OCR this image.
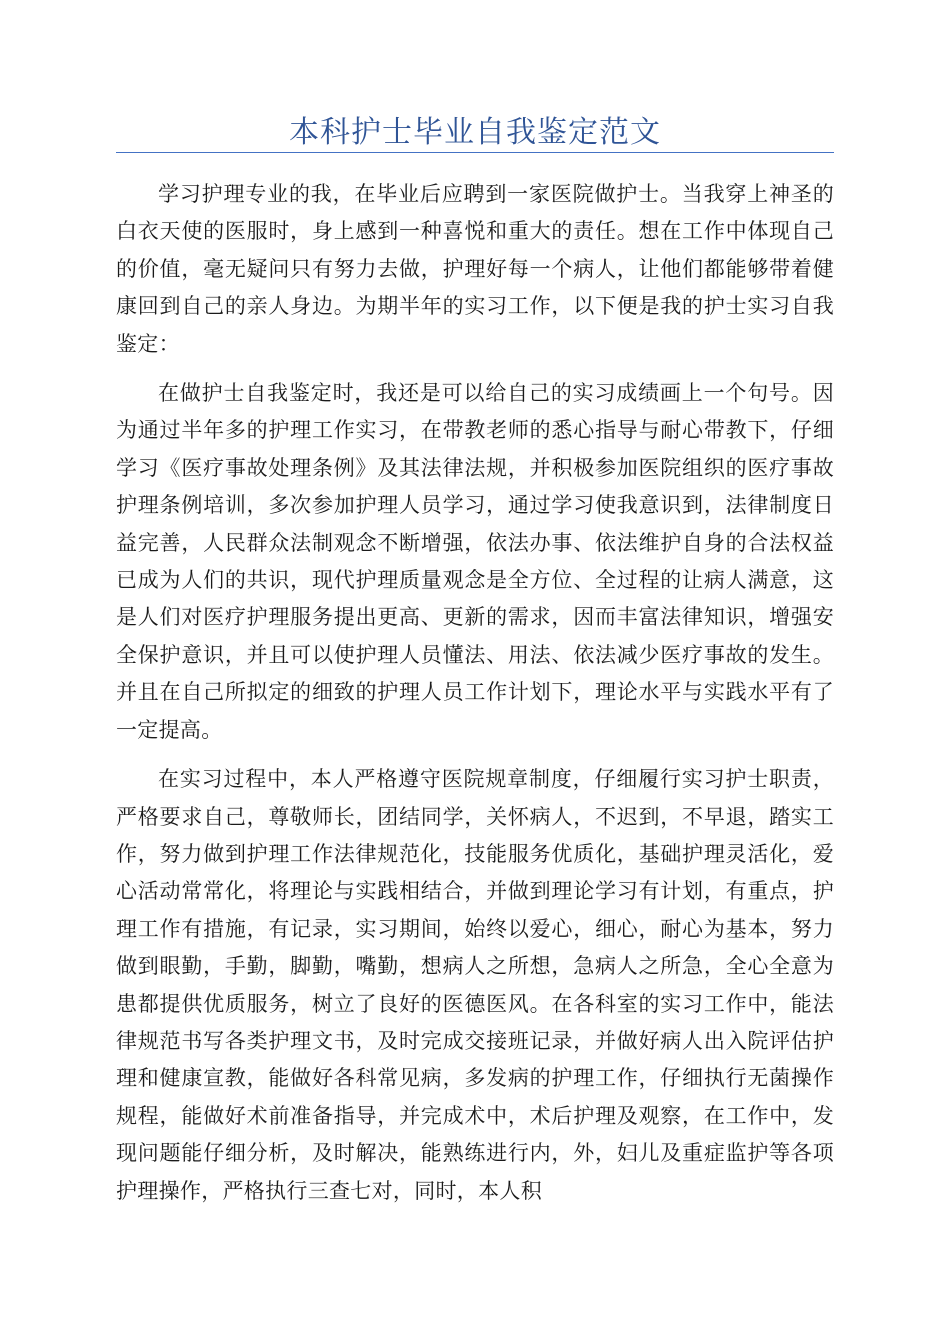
本科护士毕业自我鉴定范文

学习护理专业的我，在毕业后应聘到一家医院做护士。当我穿上神圣的白衣天使的医服时，身上感到一种喜悦和重大的责任。想在工作中体现自己的价值，毫无疑问只有努力去做，护理好每一个病人，让他们都能够带着健康回到自己的亲人身边。为期半年的实习工作，以下便是我的护士实习自我鉴定：

在做护士自我鉴定时，我还是可以给自己的实习成绩画上一个句号。因为通过半年多的护理工作实习，在带教老师的悉心指导与耐心带教下，仔细学习《医疗事故处理条例》及其法律法规，并积极参加医院组织的医疗事故护理条例培训，多次参加护理人员学习，通过学习使我意识到，法律制度日益完善，人民群众法制观念不断增强，依法办事、依法维护自身的合法权益已成为人们的共识，现代护理质量观念是全方位、全过程的让病人满意，这是人们对医疗护理服务提出更高、更新的需求，因而丰富法律知识，增强安全保护意识，并且可以使护理人员懂法、用法、依法减少医疗事故的发生。并且在自己所拟定的细致的护理人员工作计划下，理论水平与实践水平有了一定提高。

在实习过程中，本人严格遵守医院规章制度，仔细履行实习护士职责，严格要求自己，尊敬师长，团结同学，关怀病人，不迟到，不早退，踏实工作，努力做到护理工作法律规范化，技能服务优质化，基础护理灵活化，爱心活动常常化，将理论与实践相结合，并做到理论学习有计划，有重点，护理工作有措施，有记录，实习期间，始终以爱心，细心，耐心为基本，努力做到眼勤，手勤，脚勤，嘴勤，想病人之所想，急病人之所急，全心全意为患都提供优质服务，树立了良好的医德医风。在各科室的实习工作中，能法律规范书写各类护理文书，及时完成交接班记录，并做好病人出入院评估护理和健康宣教，能做好各科常见病，多发病的护理工作，仔细执行无菌操作规程，能做好术前准备指导，并完成术中，术后护理及观察，在工作中，发现问题能仔细分析，及时解决，能熟练进行内，外，妇儿及重症监护等各项护理操作，严格执行三查七对，同时，本人积
